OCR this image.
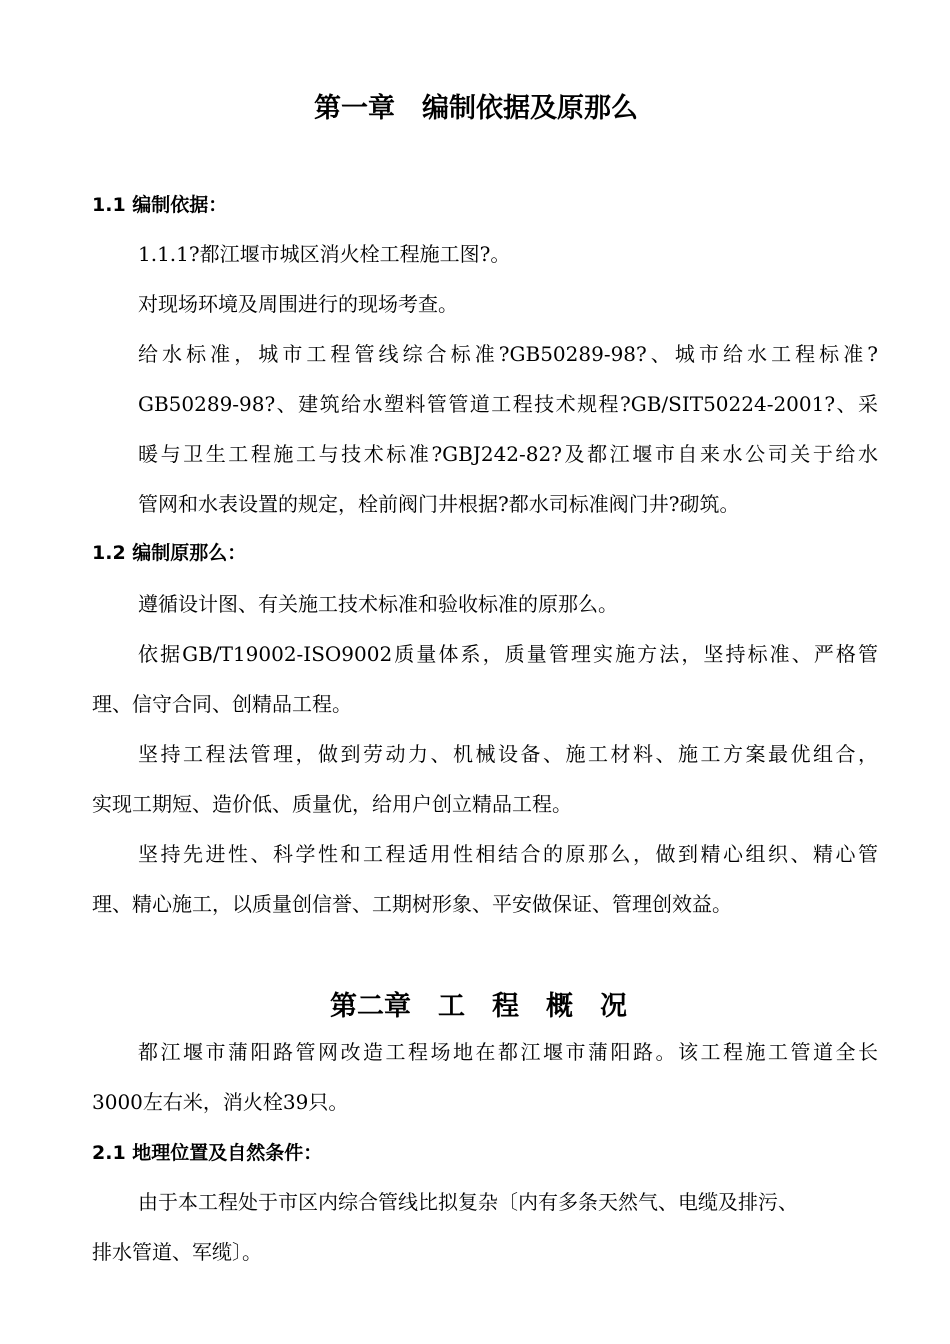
第一章　编制依据及原那么
1.1 编制依据：
1.1.1?都江堰市城区消火栓工程施工图?。
对现场环境及周围进行的现场考查。
给水标准，城市工程管线综合标准?GB50289-98?、城市给水工程标准?
GB50289-98?、建筑给水塑料管管道工程技术规程?GB/SIT50224-2001?、采
暖与卫生工程施工与技术标准?GBJ242-82?及都江堰市自来水公司关于给水
管网和水表设置的规定，栓前阀门井根据?都水司标准阀门井?砌筑。
1.2 编制原那么：
遵循设计图、有关施工技术标准和验收标准的原那么。
依据GB/T19002-ISO9002质量体系，质量管理实施方法，坚持标准、严格管
理、信守合同、创精品工程。
坚持工程法管理，做到劳动力、机械设备、施工材料、施工方案最优组合，
实现工期短、造价低、质量优，给用户创立精品工程。
坚持先进性、科学性和工程适用性相结合的原那么，做到精心组织、精心管
理、精心施工，以质量创信誉、工期树形象、平安做保证、管理创效益。
第二章　工　程　概　况
都江堰市蒲阳路管网改造工程场地在都江堰市蒲阳路。该工程施工管道全长
3000左右米，消火栓39只。
2.1 地理位置及自然条件：
由于本工程处于市区内综合管线比拟复杂〔内有多条天然气、电缆及排污、
排水管道、军缆〕。
